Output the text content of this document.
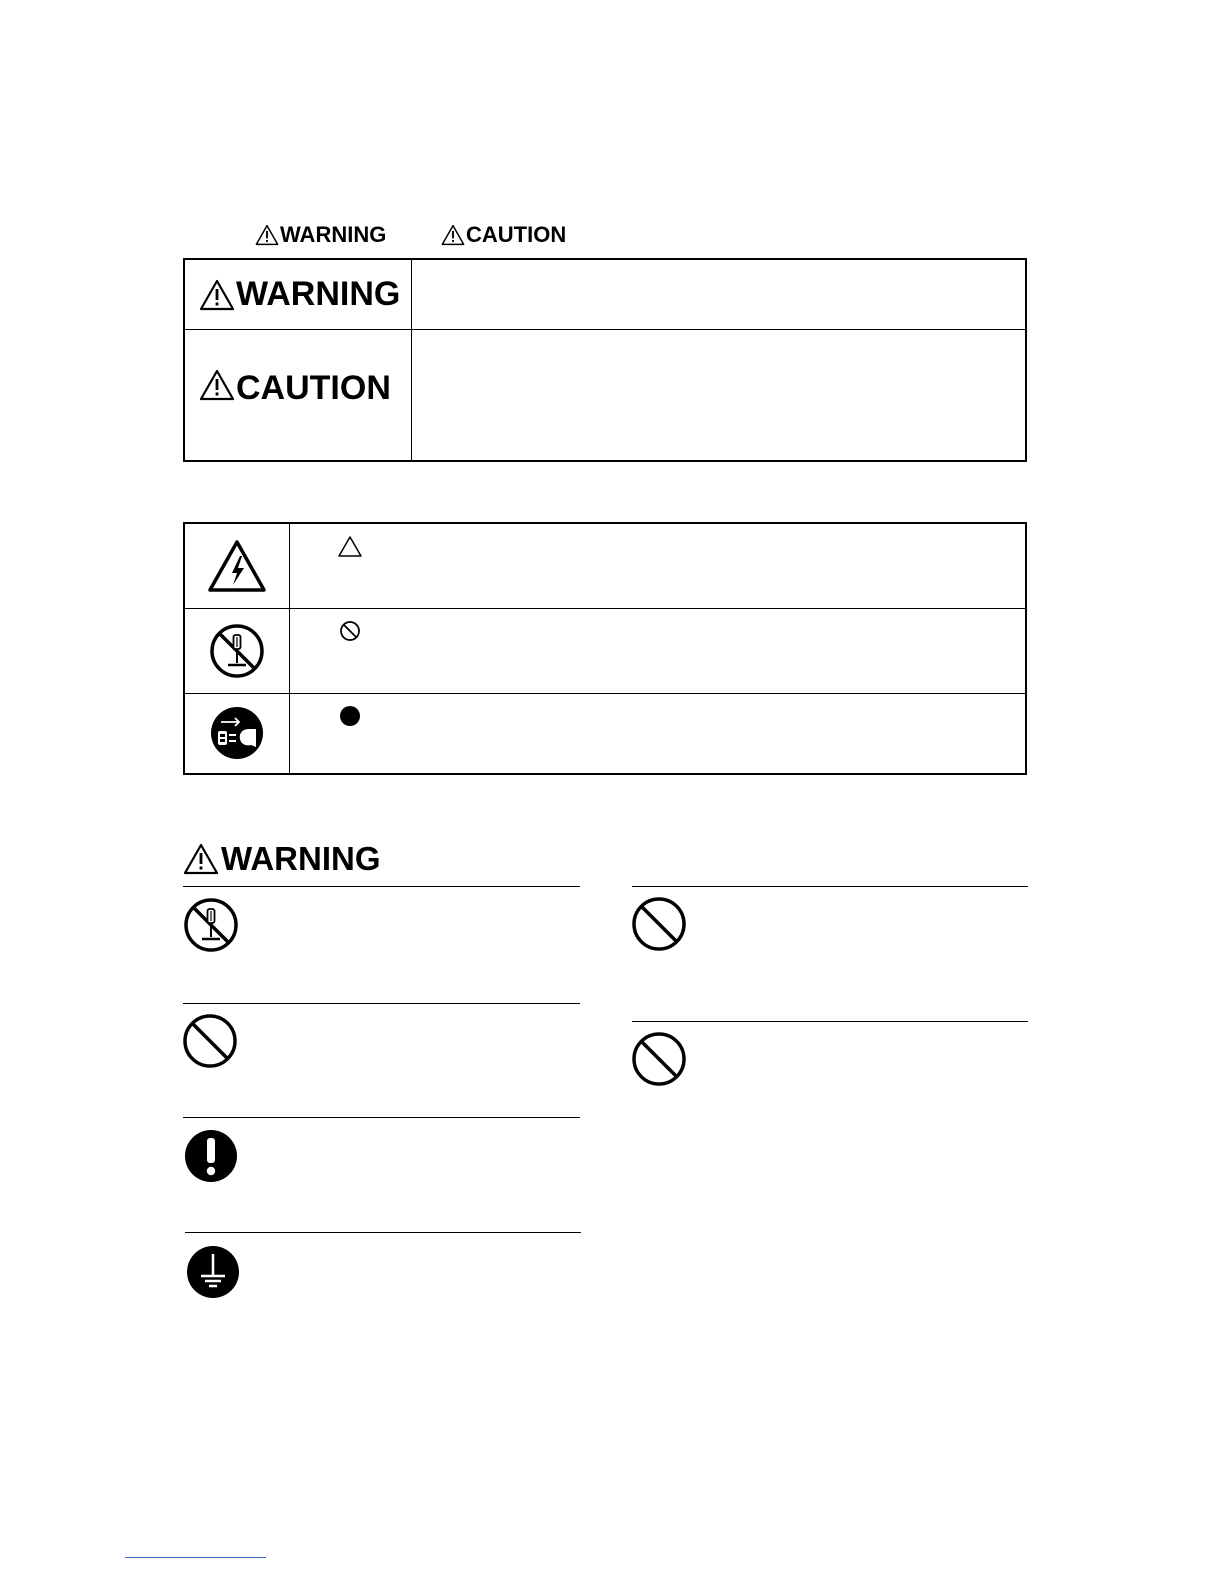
WARNING	CAUTION
WARNING
CAUTION
WARNING
